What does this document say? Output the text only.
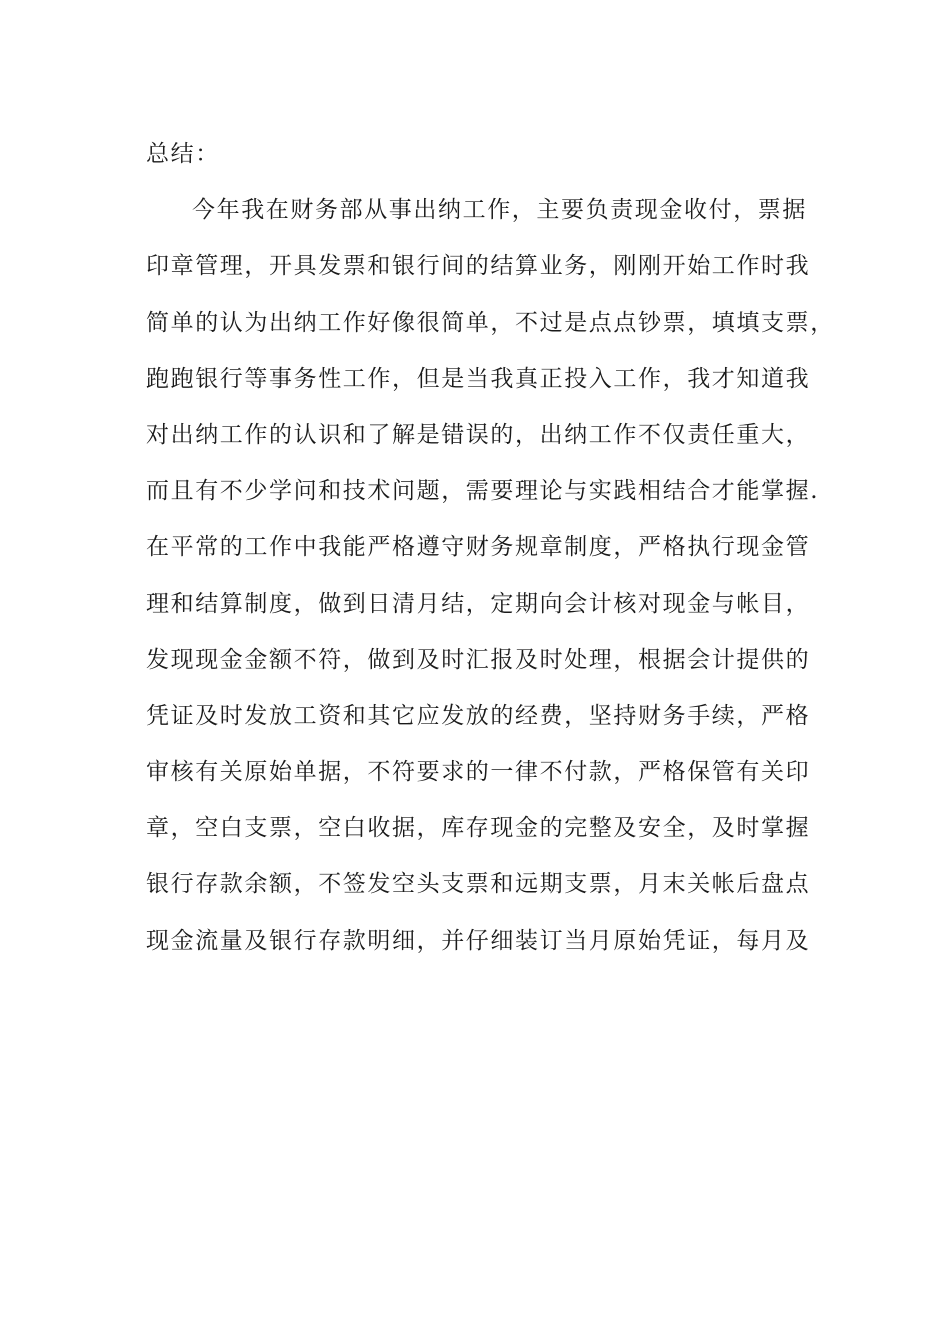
总结：
今年我在财务部从事出纳工作，主要负责现金收付，票据
印章管理，开具发票和银行间的结算业务，刚刚开始工作时我
简单的认为出纳工作好像很简单，不过是点点钞票，填填支票，
跑跑银行等事务性工作，但是当我真正投入工作，我才知道我
对出纳工作的认识和了解是错误的，出纳工作不仅责任重大，
而且有不少学问和技术问题，需要理论与实践相结合才能掌握.
在平常的工作中我能严格遵守财务规章制度，严格执行现金管
理和结算制度，做到日清月结，定期向会计核对现金与帐目，
发现现金金额不符，做到及时汇报及时处理，根据会计提供的
凭证及时发放工资和其它应发放的经费，坚持财务手续，严格
审核有关原始单据，不符要求的一律不付款，严格保管有关印
章，空白支票，空白收据，库存现金的完整及安全，及时掌握
银行存款余额，不签发空头支票和远期支票，月末关帐后盘点
现金流量及银行存款明细，并仔细装订当月原始凭证，每月及
